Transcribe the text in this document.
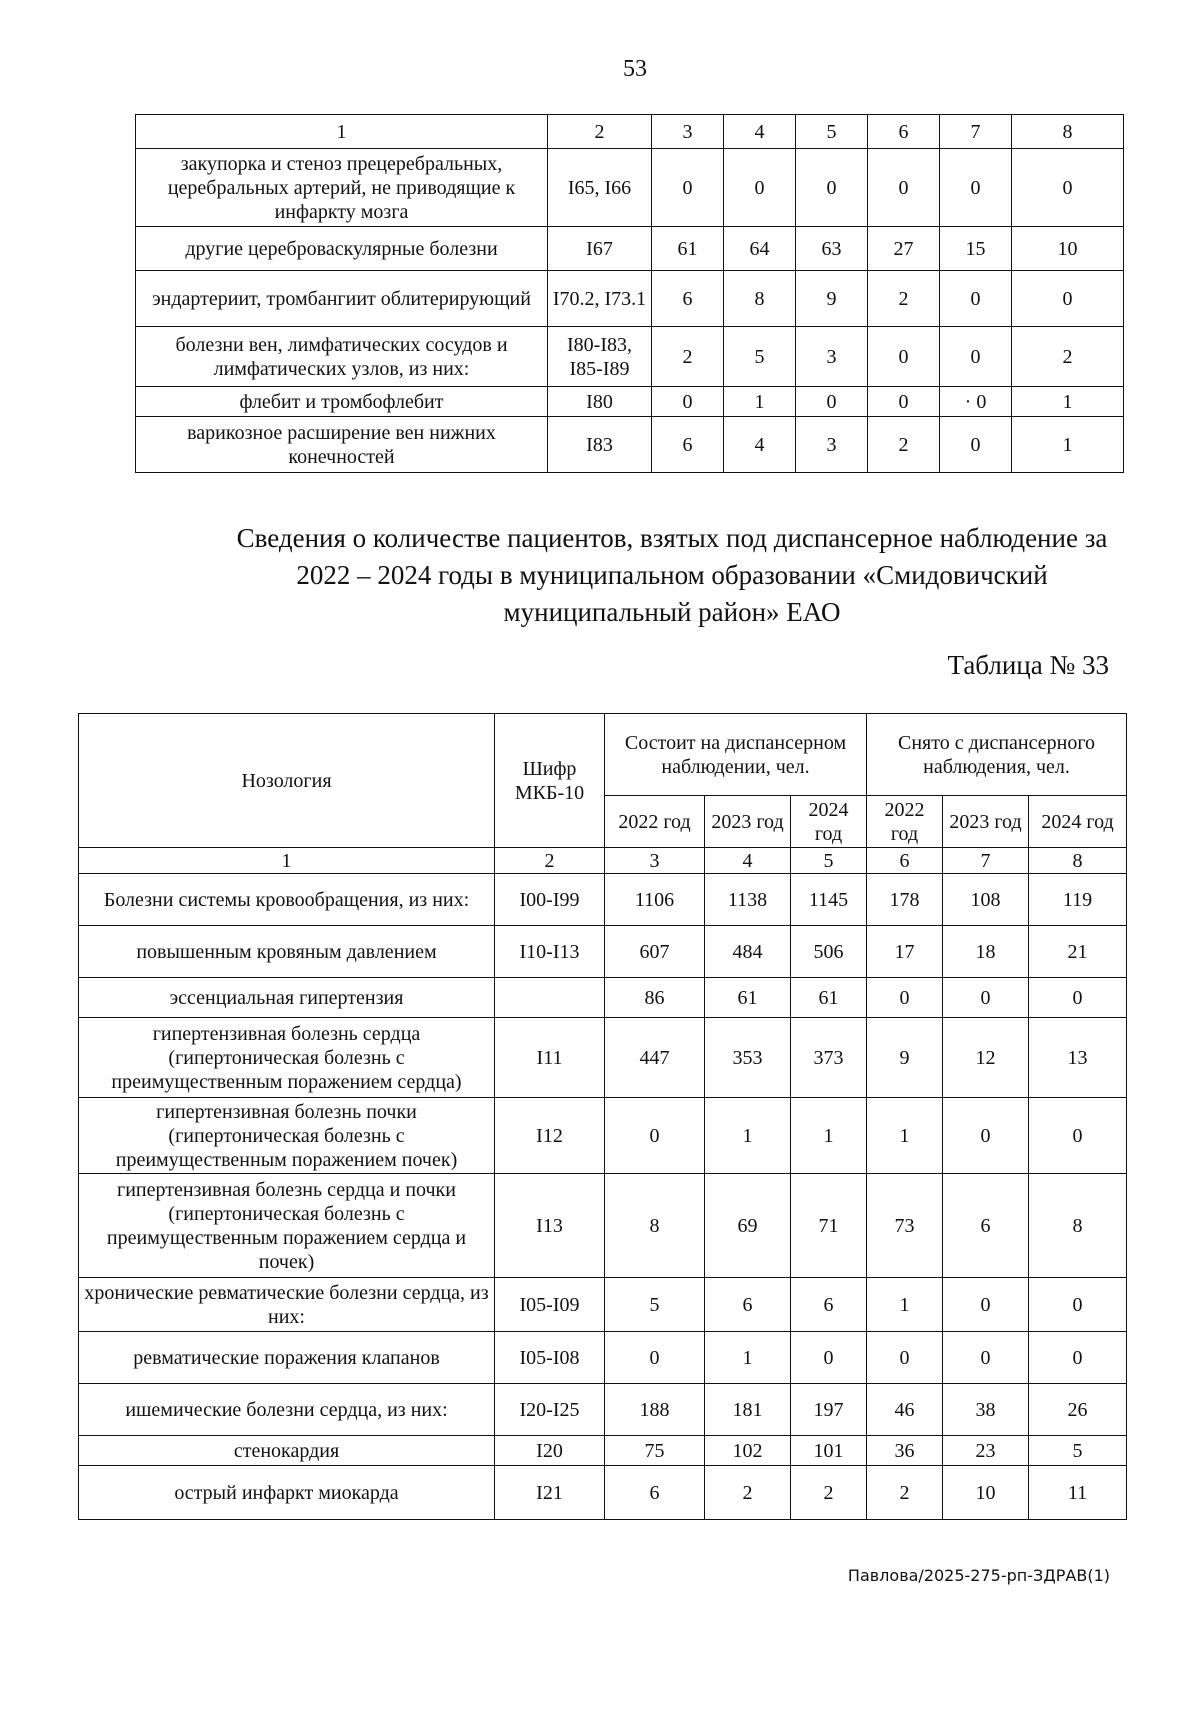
53
1	2	3	4	5	6	7	8
закупорка и стеноз прецеребральных, церебральных артерий, не приводящие к инфаркту мозга	I65, I66	0	0	0	0	0	0
другие цереброваскулярные болезни	I67	61	64	63	27	15	10
эндартериит, тромбангиит облитерирующий	I70.2, I73.1	6	8	9	2	0	0
болезни вен, лимфатических сосудов и лимфатических узлов, из них:	I80-I83, I85-I89	2	5	3	0	0	2
флебит и тромбофлебит	I80	0	1	0	0	· 0	1
варикозное расширение вен нижних конечностей	I83	6	4	3	2	0	1
Сведения о количестве пациентов, взятых под диспансерное наблюдение за 2022 – 2024 годы в муниципальном образовании «Смидовичский муниципальный район» ЕАО
Таблица № 33
Нозология	Шифр МКБ-10	Состоит на диспансерном наблюдении, чел.			Снято с диспансерного наблюдения, чел.		
		2022 год	2023 год	2024 год	2022 год	2023 год	2024 год
1	2	3	4	5	6	7	8
Болезни системы кровообращения, из них:	I00-I99	1106	1138	1145	178	108	119
повышенным кровяным давлением	I10-I13	607	484	506	17	18	21
эссенциальная гипертензия		86	61	61	0	0	0
гипертензивная болезнь сердца (гипертоническая болезнь с преимущественным поражением сердца)	I11	447	353	373	9	12	13
гипертензивная болезнь почки (гипертоническая болезнь с преимущественным поражением почек)	I12	0	1	1	1	0	0
гипертензивная болезнь сердца и почки (гипертоническая болезнь с преимущественным поражением сердца и почек)	I13	8	69	71	73	6	8
хронические ревматические болезни сердца, из них:	I05-I09	5	6	6	1	0	0
ревматические поражения клапанов	I05-I08	0	1	0	0	0	0
ишемические болезни сердца, из них:	I20-I25	188	181	197	46	38	26
стенокардия	I20	75	102	101	36	23	5
острый инфаркт миокарда	I21	6	2	2	2	10	11
Павлова/2025-275-рп-ЗДРАВ(1)
